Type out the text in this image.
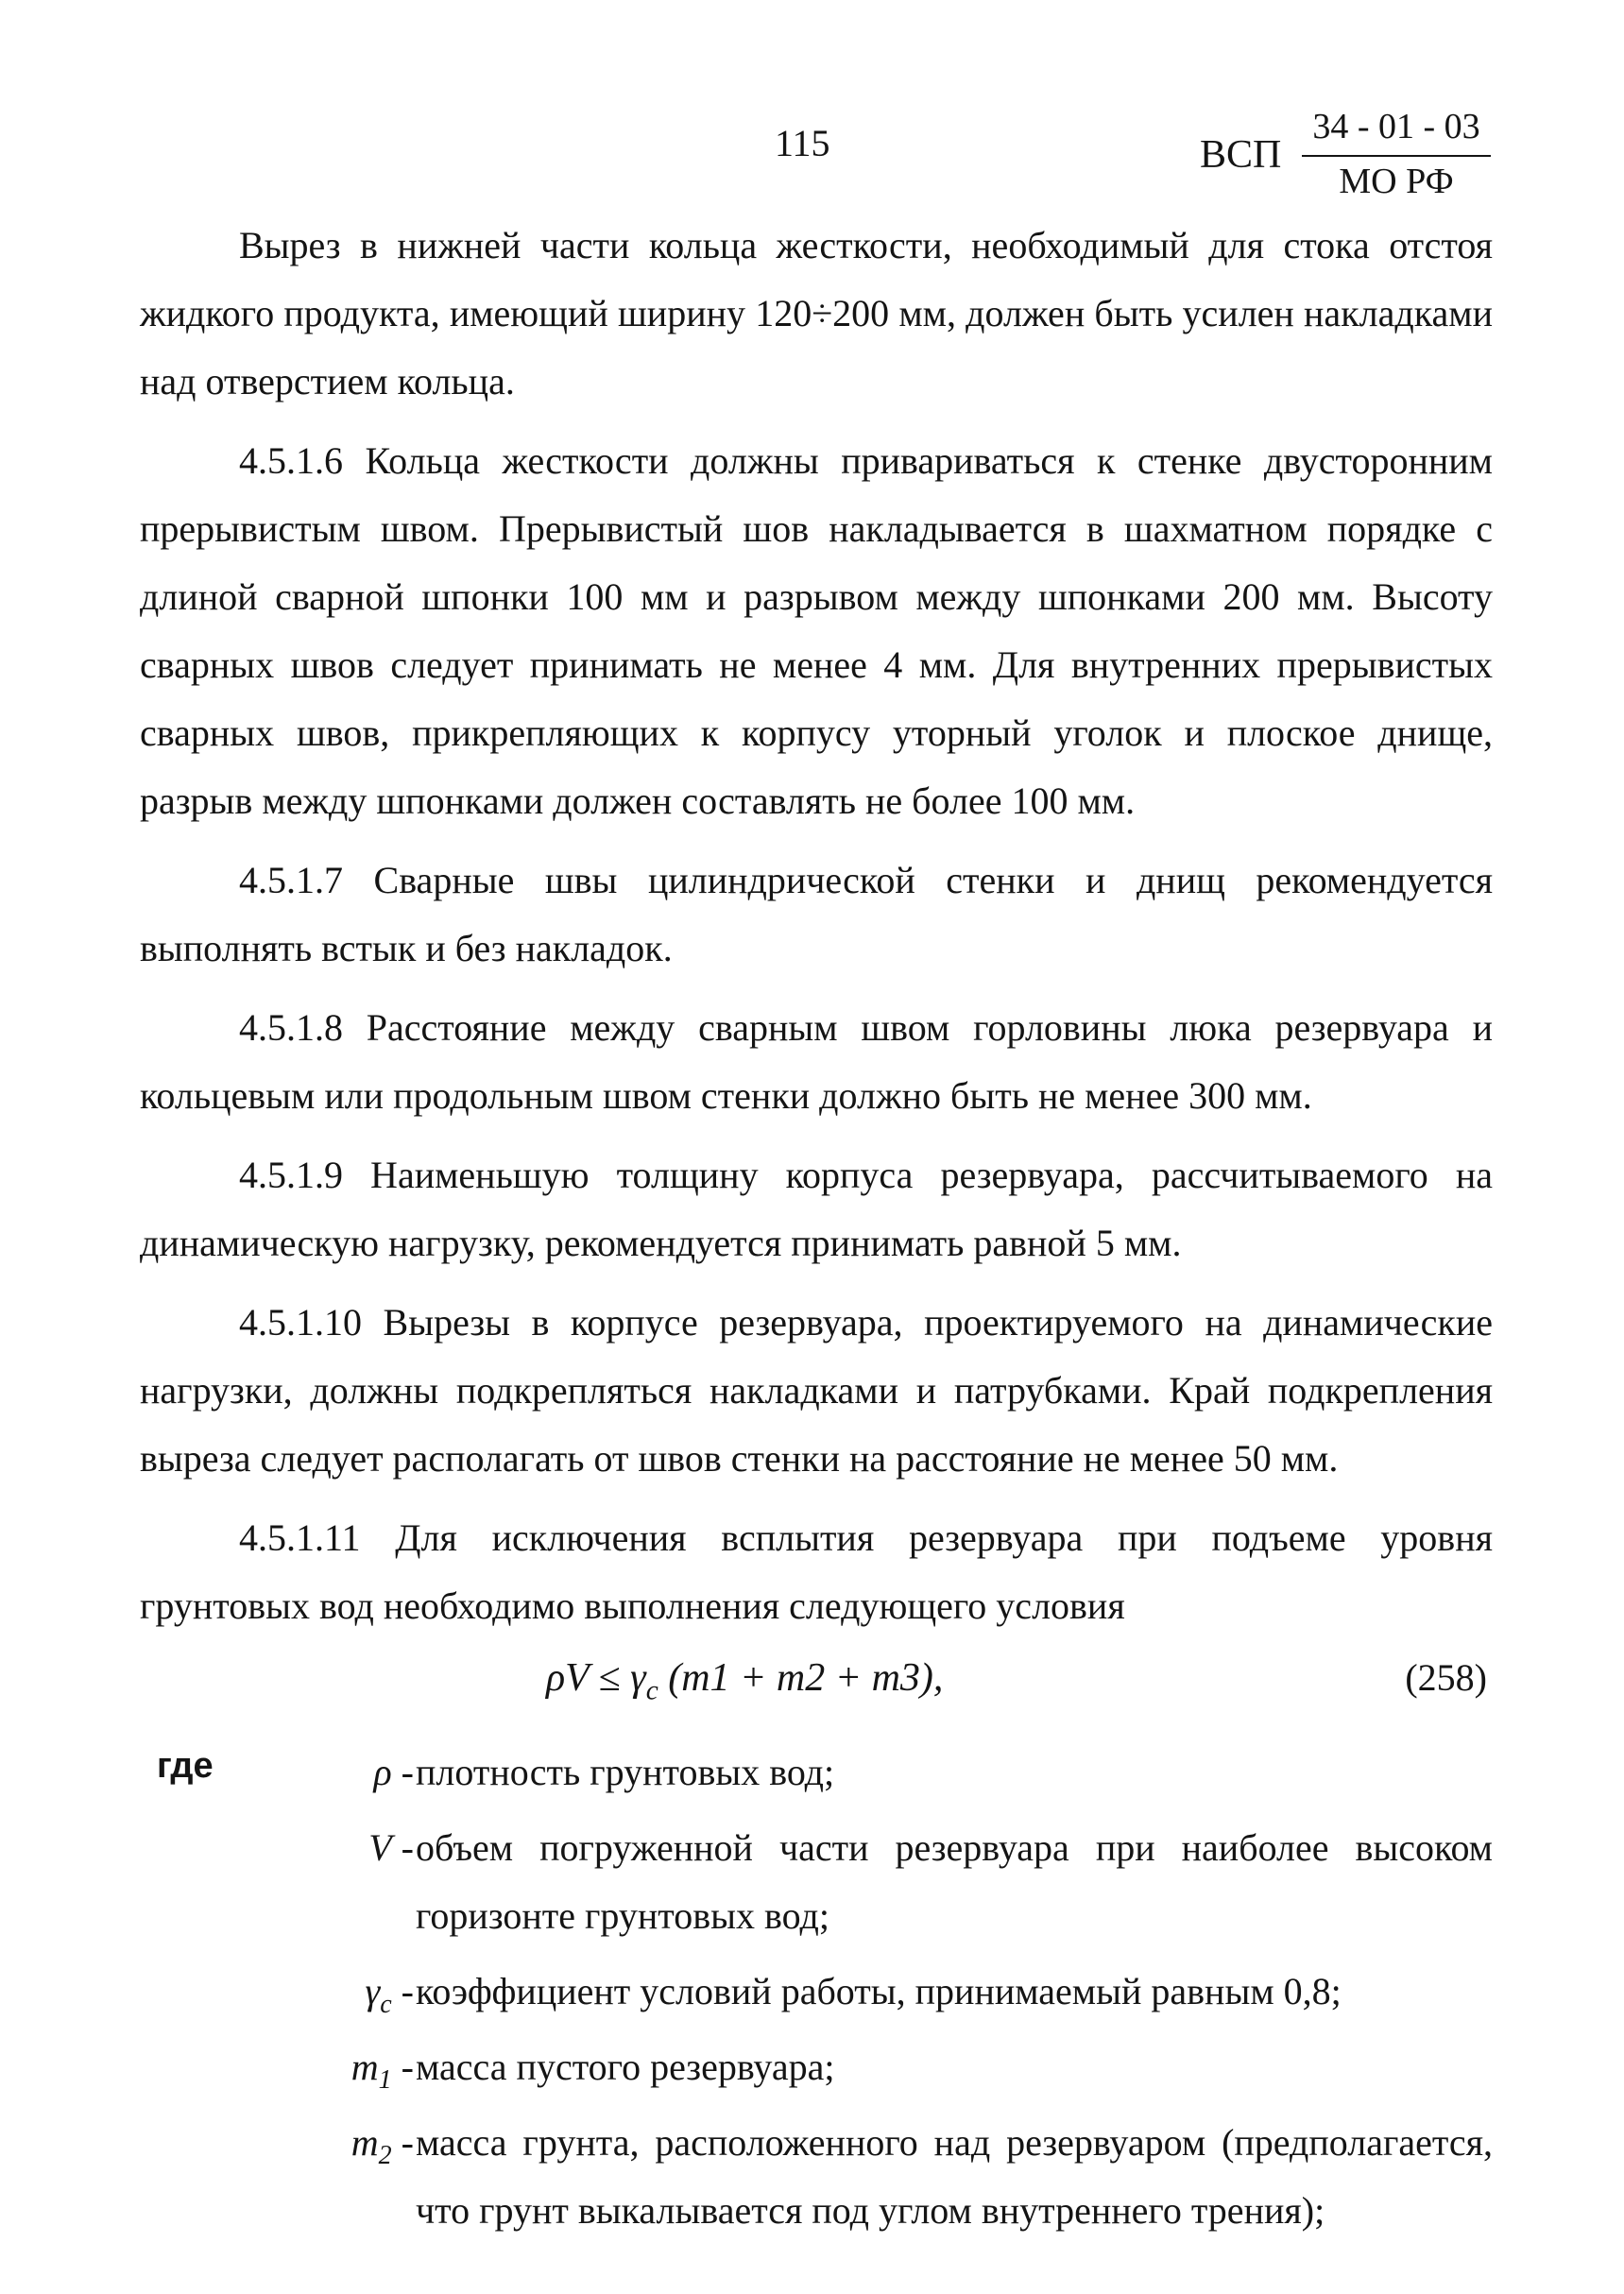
115	ВСП
34 - 01 - 03
МО РФ

Вырез в нижней части кольца жесткости, необходимый для стока отстоя жидкого продукта, имеющий ширину 120÷200 мм, должен быть усилен накладками над отверстием кольца.

4.5.1.6 Кольца жесткости должны привариваться к стенке двусторонним прерывистым швом. Прерывистый шов накладывается в шахматном порядке с длиной сварной шпонки 100 мм и разрывом между шпонками 200 мм. Высоту сварных швов следует принимать не менее 4 мм. Для внутренних прерывистых сварных швов, прикрепляющих к корпусу уторный уголок и плоское днище, разрыв между шпонками должен составлять не более 100 мм.

4.5.1.7 Сварные швы цилиндрической стенки и днищ рекомендуется выполнять встык и без накладок.

4.5.1.8 Расстояние между сварным швом горловины люка резервуара и кольцевым или продольным швом стенки должно быть не менее 300 мм.

4.5.1.9 Наименьшую толщину корпуса резервуара, рассчитываемого на динамическую нагрузку, рекомендуется принимать равной 5 мм.

4.5.1.10 Вырезы в корпусе резервуара, проектируемого на динамические нагрузки, должны подкрепляться накладками и патрубками. Край подкрепления выреза следует располагать от швов стенки на расстояние не менее 50 мм.

4.5.1.11 Для исключения всплытия резервуара при подъеме уровня грунтовых вод необходимо выполнения следующего условия

$\rho V \le \gamma_c$ (m1 + m2 + m3),	(258)
где	ρ - плотность грунтовых вод;
V - объем погруженной части резервуара при наиболее высоком горизонте грунтовых вод;
$\gamma_c$ - коэффициент условий работы, принимаемый равным 0,8;
$m_1$ - масса пустого резервуара;
$m_2$ - масса грунта, расположенного над резервуаром (предполагается, что грунт выкалывается под углом внутреннего трения);
